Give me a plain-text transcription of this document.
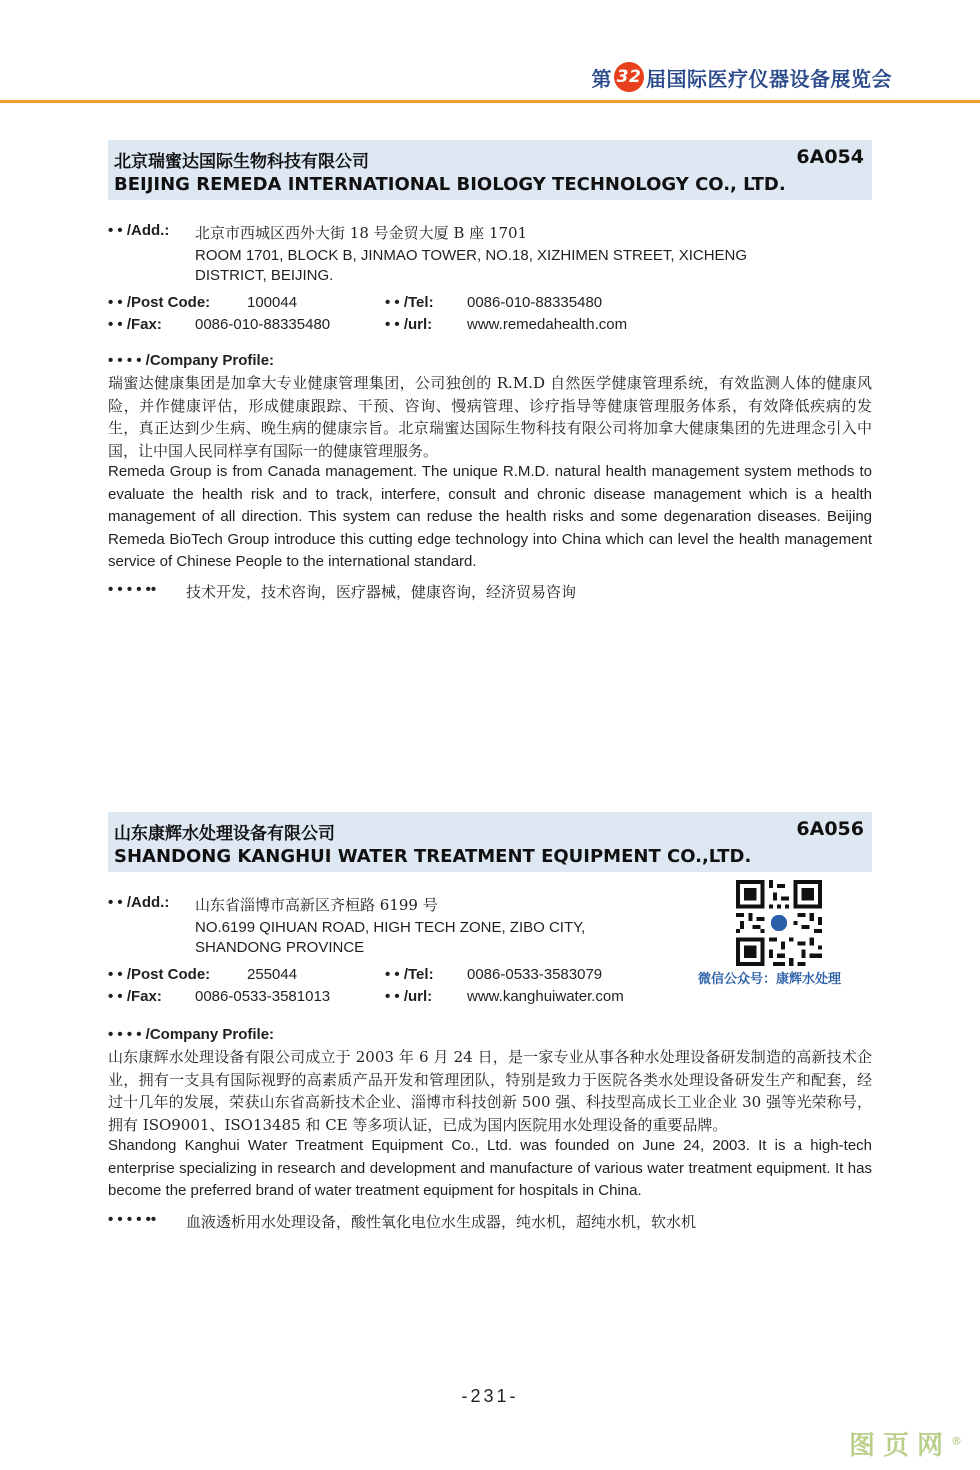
第 32 届国际医疗仪器设备展览会
北京瑞蜜达国际生物科技有限公司
BEIJING REMEDA INTERNATIONAL BIOLOGY TECHNOLOGY CO., LTD.
6A054
• • /Add.: 北京市西城区西外大街 18 号金贸大厦 B 座 1701
ROOM 1701, BLOCK B, JINMAO TOWER, NO.18, XIZHIMEN STREET, XICHENG
DISTRICT, BEIJING.
• • /Post Code: 100044	• • /Tel: 0086-010-88335480
• • /Fax: 0086-010-88335480	• • /url: www.remedahealth.com
• • • • /Company Profile:
瑞蜜达健康集团是加拿大专业健康管理集团，公司独创的 R.M.D 自然医学健康管理系统，有效监测人体的健康风险，并作健康评估，形成健康跟踪、干预、咨询、慢病管理、诊疗指导等健康管理服务体系，有效降低疾病的发生，真正达到少生病、晚生病的健康宗旨。北京瑞蜜达国际生物科技有限公司将加拿大健康集团的先进理念引入中国，让中国人民同样享有国际一的健康管理服务。
Remeda Group is from Canada management. The unique R.M.D. natural health management system methods to evaluate the health risk and to track, interfere, consult and chronic disease management which is a health management of all direction. This system can reduse the health risks and some degenaration diseases. Beijing Remeda BioTech Group introduce this cutting edge technology into China which can level the health management service of Chinese People to the international standard.
• • • • •• 技术开发，技术咨询，医疗器械，健康咨询，经济贸易咨询
山东康辉水处理设备有限公司
SHANDONG KANGHUI WATER TREATMENT EQUIPMENT CO.,LTD.
6A056
• • /Add.: 山东省淄博市高新区齐桓路 6199 号
NO.6199 QIHUAN ROAD, HIGH TECH ZONE, ZIBO CITY,
SHANDONG PROVINCE
• • /Post Code: 255044	• • /Tel: 0086-0533-3583079
• • /Fax: 0086-0533-3581013	• • /url: www.kanghuiwater.com
微信公众号：康辉水处理
• • • • /Company Profile:
山东康辉水处理设备有限公司成立于 2003 年 6 月 24 日，是一家专业从事各种水处理设备研发制造的高新技术企业，拥有一支具有国际视野的高素质产品开发和管理团队，特别是致力于医院各类水处理设备研发生产和配套，经过十几年的发展，荣获山东省高新技术企业、淄博市科技创新 500 强、科技型高成长工业企业 30 强等光荣称号，拥有 ISO9001、ISO13485 和 CE 等多项认证，已成为国内医院用水处理设备的重要品牌。
Shandong Kanghui Water Treatment Equipment Co., Ltd. was founded on June 24, 2003. It is a high-tech enterprise specializing in research and development and manufacture of various water treatment equipment. It has become the preferred brand of water treatment equipment for hospitals in China.
• • • • •• 血液透析用水处理设备，酸性氧化电位水生成器，纯水机，超纯水机，软水机
-231-
图页网®
